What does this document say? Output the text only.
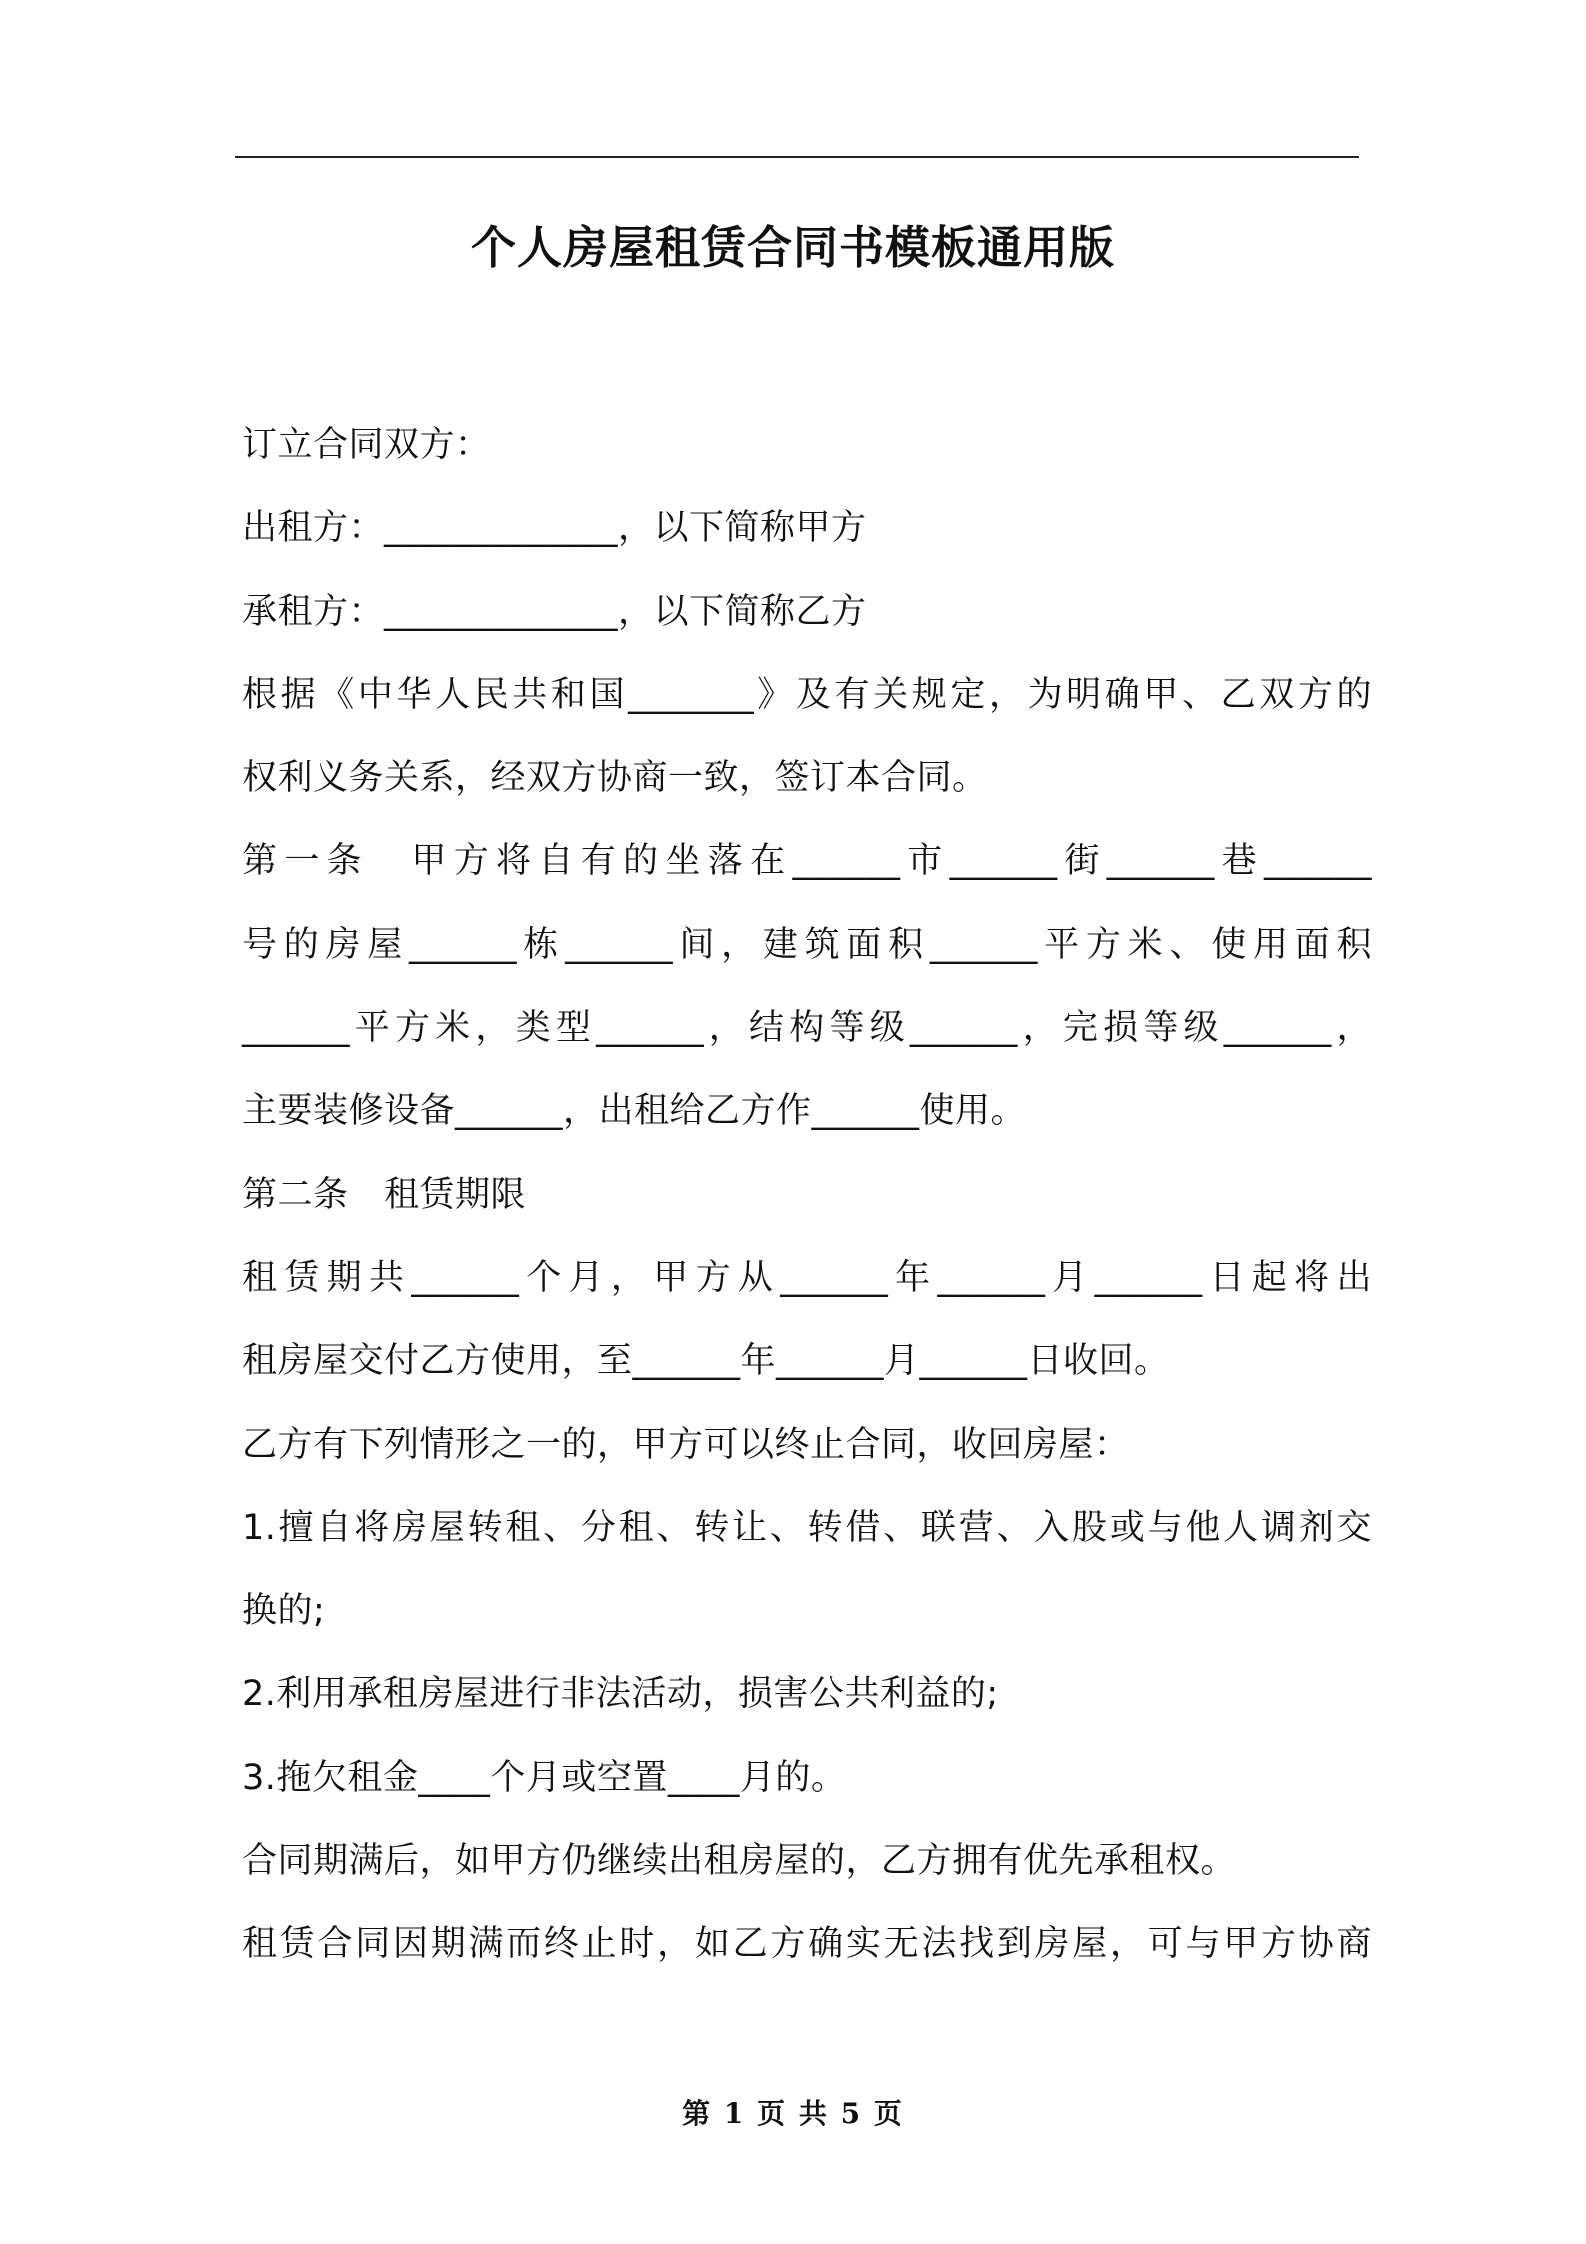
个人房屋租赁合同书模板通用版
订立合同双方：
出租方：_____________，以下简称甲方
承租方：_____________，以下简称乙方
根据《中华人民共和国_______》及有关规定，为明确甲、乙双方的
权利义务关系，经双方协商一致，签订本合同。
第一条　甲方将自有的坐落在______市______街______巷______
号的房屋______栋______间，建筑面积______平方米、使用面积
______平方米，类型______，结构等级______，完损等级______，
主要装修设备______，出租给乙方作______使用。
第二条　租赁期限
租赁期共______个月，甲方从______年______月______日起将出
租房屋交付乙方使用，至______年______月______日收回。
乙方有下列情形之一的，甲方可以终止合同，收回房屋：
1.擅自将房屋转租、分租、转让、转借、联营、入股或与他人调剂交
换的;
2.利用承租房屋进行非法活动，损害公共利益的;
3.拖欠租金____个月或空置____月的。
合同期满后，如甲方仍继续出租房屋的，乙方拥有优先承租权。
租赁合同因期满而终止时，如乙方确实无法找到房屋，可与甲方协商
第 1 页 共 5 页
